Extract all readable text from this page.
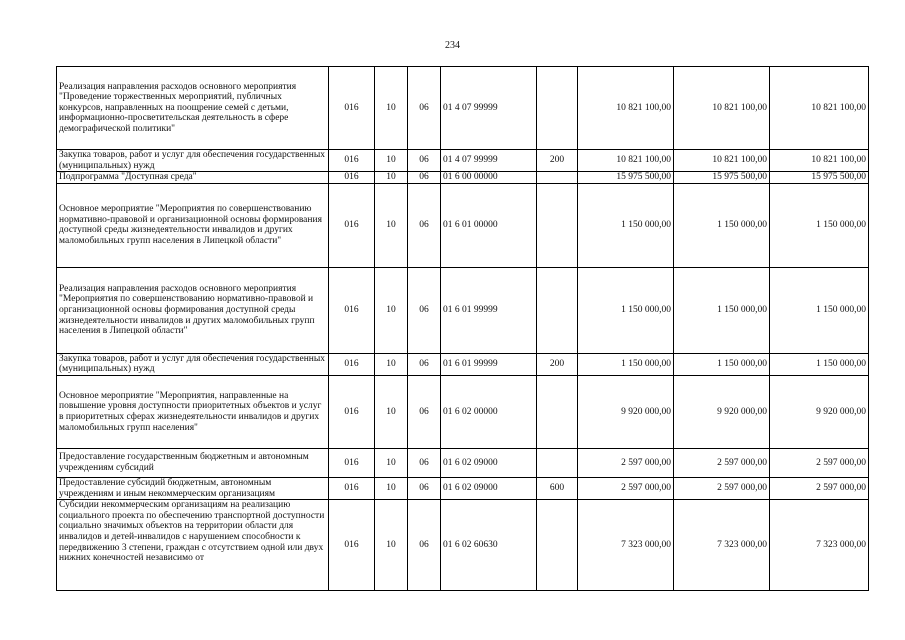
234
Реализация направления расходов основного мероприятия "Проведение торжественных мероприятий, публичных конкурсов, направленных на поощрение семей с детьми, информационно-просветительская деятельность в сфере демографической политики"	016	10	06	01 4 07 99999		10 821 100,00	10 821 100,00	10 821 100,00
Закупка товаров, работ и услуг для обеспечения государственных (муниципальных) нужд	016	10	06	01 4 07 99999	200	10 821 100,00	10 821 100,00	10 821 100,00
Подпрограмма "Доступная среда"	016	10	06	01 6 00 00000		15 975 500,00	15 975 500,00	15 975 500,00
Основное мероприятие "Мероприятия по совершенствованию нормативно-правовой и организационной основы формирования доступной среды жизнедеятельности инвалидов и других маломобильных групп населения в Липецкой области"	016	10	06	01 6 01 00000		1 150 000,00	1 150 000,00	1 150 000,00
Реализация направления расходов основного мероприятия "Мероприятия по совершенствованию нормативно-правовой и организационной основы формирования доступной среды жизнедеятельности инвалидов и других маломобильных групп населения в Липецкой области"	016	10	06	01 6 01 99999		1 150 000,00	1 150 000,00	1 150 000,00
Закупка товаров, работ и услуг для обеспечения государственных (муниципальных) нужд	016	10	06	01 6 01 99999	200	1 150 000,00	1 150 000,00	1 150 000,00
Основное мероприятие "Мероприятия, направленные на повышение уровня доступности приоритетных объектов и услуг в приоритетных сферах жизнедеятельности инвалидов и других маломобильных групп населения"	016	10	06	01 6 02 00000		9 920 000,00	9 920 000,00	9 920 000,00
Предоставление государственным бюджетным и автономным учреждениям субсидий	016	10	06	01 6 02 09000		2 597 000,00	2 597 000,00	2 597 000,00
Предоставление субсидий бюджетным, автономным учреждениям и иным некоммерческим организациям	016	10	06	01 6 02 09000	600	2 597 000,00	2 597 000,00	2 597 000,00
Субсидии некоммерческим организациям на реализацию социального проекта по обеспечению транспортной доступности социально значимых объектов на территории области для инвалидов и детей-инвалидов с нарушением способности к передвижению 3 степени, граждан с отсутствием одной или двух нижних конечностей независимо от	016	10	06	01 6 02 60630		7 323 000,00	7 323 000,00	7 323 000,00
